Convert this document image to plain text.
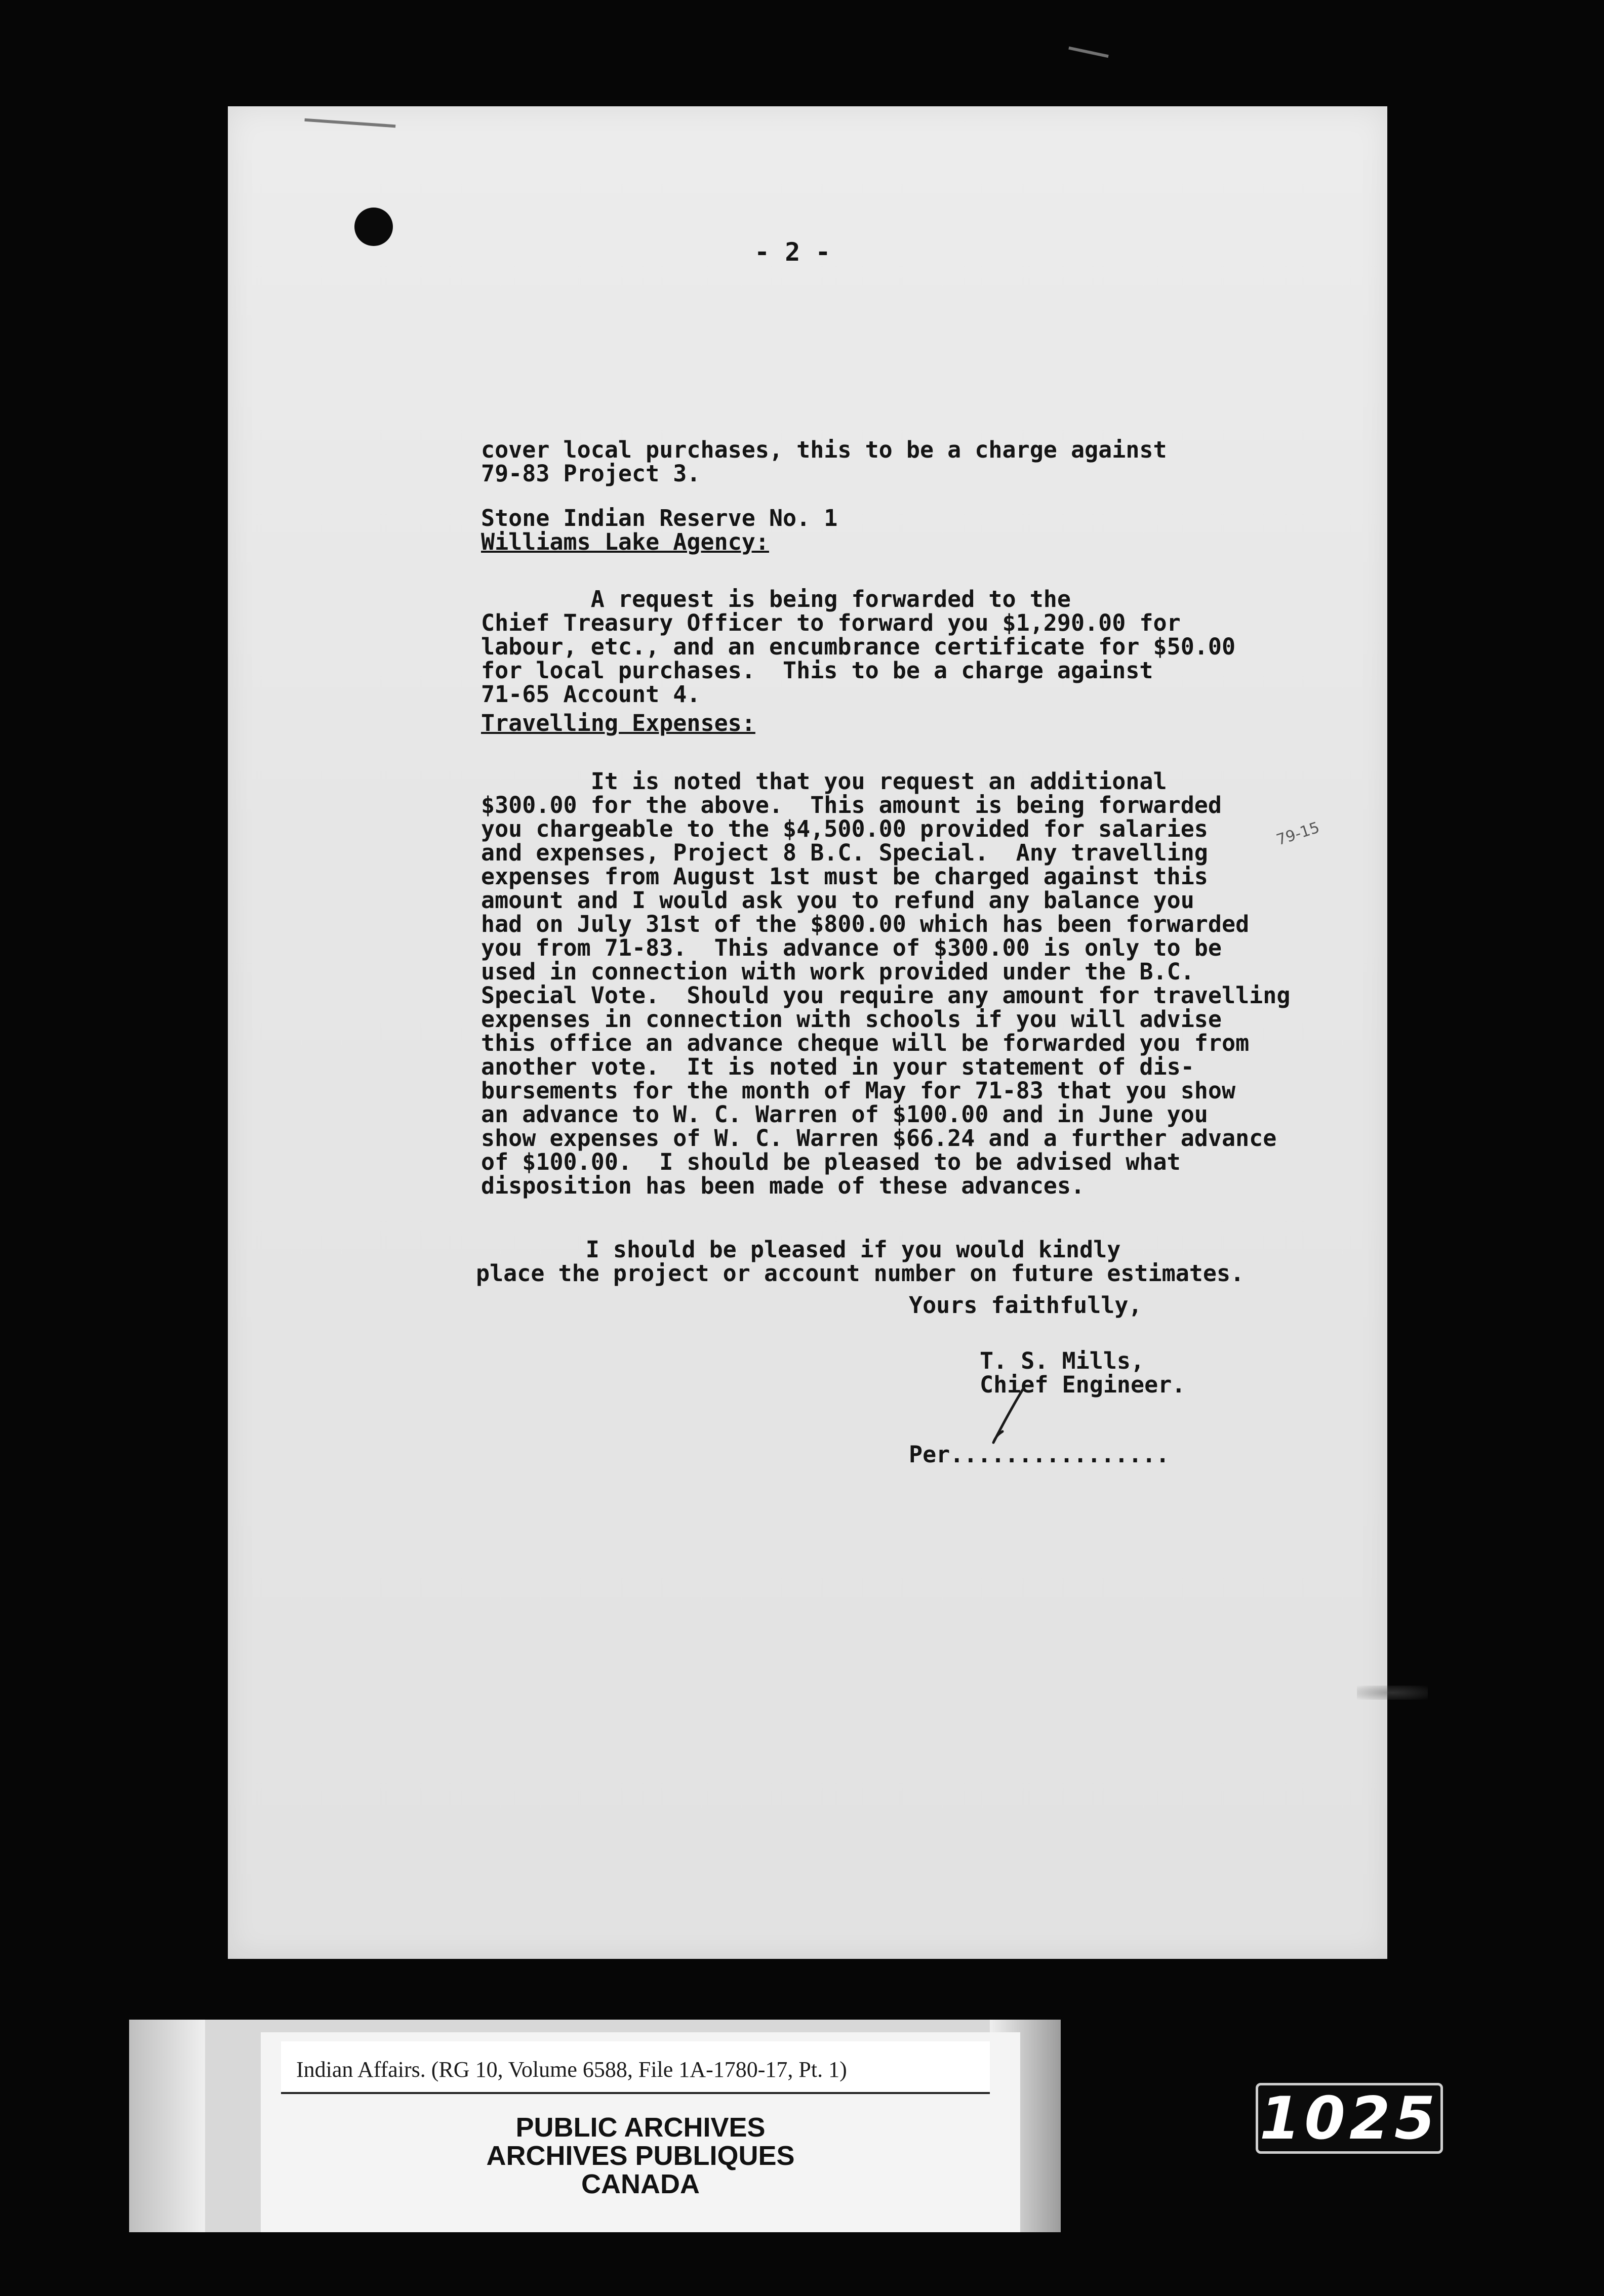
- 2 -
cover local purchases, this to be a charge against
79-83 Project 3.
Stone Indian Reserve No. 1
Williams Lake Agency:
A request is being forwarded to the
Chief Treasury Officer to forward you $1,290.00 for
labour, etc., and an encumbrance certificate for $50.00
for local purchases.  This to be a charge against
71-65 Account 4.
Travelling Expenses:
It is noted that you request an additional
$300.00 for the above.  This amount is being forwarded
you chargeable to the $4,500.00 provided for salaries
and expenses, Project 8 B.C. Special.  Any travelling
expenses from August 1st must be charged against this
amount and I would ask you to refund any balance you
had on July 31st of the $800.00 which has been forwarded
you from 71-83.  This advance of $300.00 is only to be
used in connection with work provided under the B.C.
Special Vote.  Should you require any amount for travelling
expenses in connection with schools if you will advise
this office an advance cheque will be forwarded you from
another vote.  It is noted in your statement of dis-
bursements for the month of May for 71-83 that you show
an advance to W. C. Warren of $100.00 and in June you
show expenses of W. C. Warren $66.24 and a further advance
of $100.00.  I should be pleased to be advised what
disposition has been made of these advances.
I should be pleased if you would kindly
place the project or account number on future estimates.
Yours faithfully,
T. S. Mills,
Chief Engineer.
Per................
79-15
Indian Affairs. (RG 10, Volume 6588, File 1A-1780-17, Pt. 1)
PUBLIC ARCHIVES
ARCHIVES PUBLIQUES
CANADA
1025
